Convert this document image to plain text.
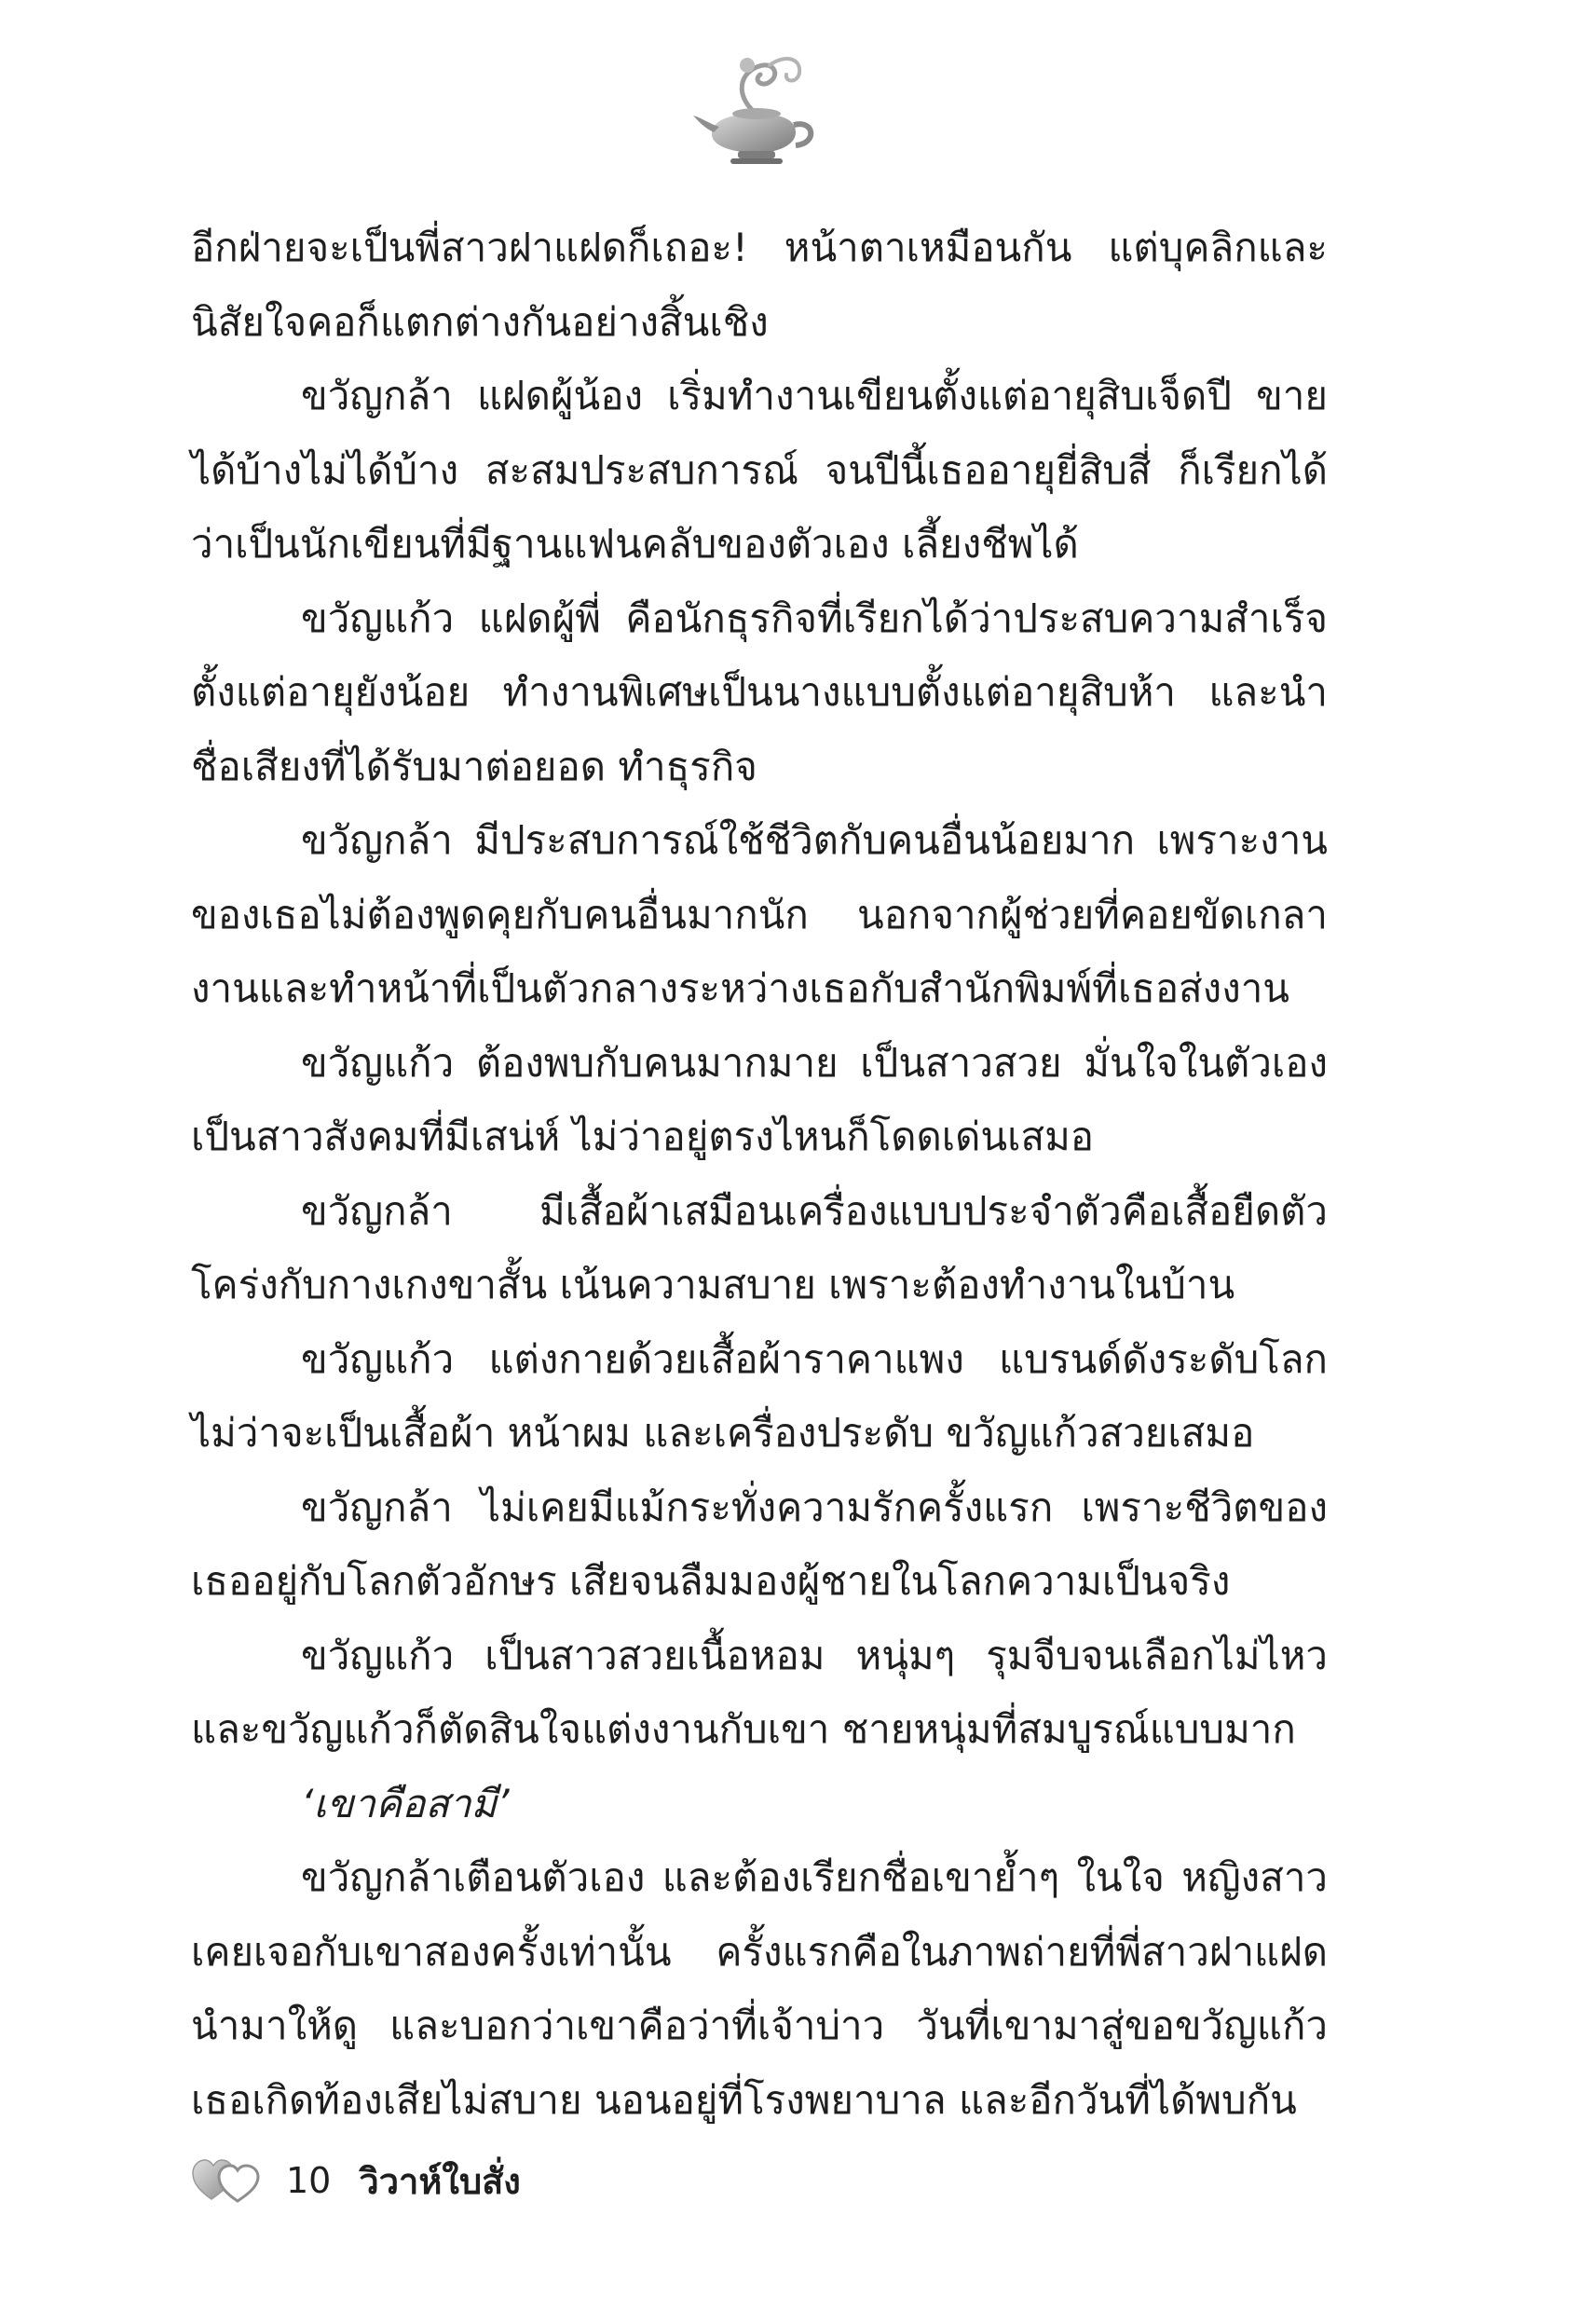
อีกฝ่ายจะเป็นพี่สาวฝาแฝดก็เถอะ! หน้าตาเหมือนกัน แต่บุคลิกและนิสัยใจคอก็แตกต่างกันอย่างสิ้นเชิง

ขวัญกล้า แฝดผู้น้อง เริ่มทำงานเขียนตั้งแต่อายุสิบเจ็ดปี ขายได้บ้างไม่ได้บ้าง สะสมประสบการณ์ จนปีนี้เธออายุยี่สิบสี่ ก็เรียกได้ว่าเป็นนักเขียนที่มีฐานแฟนคลับของตัวเอง เลี้ยงชีพได้

ขวัญแก้ว แฝดผู้พี่ คือนักธุรกิจที่เรียกได้ว่าประสบความสำเร็จตั้งแต่อายุยังน้อย ทำงานพิเศษเป็นนางแบบตั้งแต่อายุสิบห้า และนำชื่อเสียงที่ได้รับมาต่อยอด ทำธุรกิจ

ขวัญกล้า มีประสบการณ์ใช้ชีวิตกับคนอื่นน้อยมาก เพราะงานของเธอไม่ต้องพูดคุยกับคนอื่นมากนัก นอกจากผู้ช่วยที่คอยขัดเกลางานและทำหน้าที่เป็นตัวกลางระหว่างเธอกับสำนักพิมพ์ที่เธอส่งงาน

ขวัญแก้ว ต้องพบกับคนมากมาย เป็นสาวสวย มั่นใจในตัวเองเป็นสาวสังคมที่มีเสน่ห์ ไม่ว่าอยู่ตรงไหนก็โดดเด่นเสมอ

ขวัญกล้า มีเสื้อผ้าเสมือนเครื่องแบบประจำตัวคือเสื้อยืดตัวโคร่งกับกางเกงขาสั้น เน้นความสบาย เพราะต้องทำงานในบ้าน

ขวัญแก้ว แต่งกายด้วยเสื้อผ้าราคาแพง แบรนด์ดังระดับโลกไม่ว่าจะเป็นเสื้อผ้า หน้าผม และเครื่องประดับ ขวัญแก้วสวยเสมอ

ขวัญกล้า ไม่เคยมีแม้กระทั่งความรักครั้งแรก เพราะชีวิตของเธออยู่กับโลกตัวอักษร เสียจนลืมมองผู้ชายในโลกความเป็นจริง

ขวัญแก้ว เป็นสาวสวยเนื้อหอม หนุ่มๆ รุมจีบจนเลือกไม่ไหวและขวัญแก้วก็ตัดสินใจแต่งงานกับเขา ชายหนุ่มที่สมบูรณ์แบบมาก

‘เขาคือสามี’

ขวัญกล้าเตือนตัวเอง และต้องเรียกชื่อเขาย้ำๆ ในใจ หญิงสาวเคยเจอกับเขาสองครั้งเท่านั้น ครั้งแรกคือในภาพถ่ายที่พี่สาวฝาแฝดนำมาให้ดู และบอกว่าเขาคือว่าที่เจ้าบ่าว วันที่เขามาสู่ขอขวัญแก้วเธอเกิดท้องเสียไม่สบาย นอนอยู่ที่โรงพยาบาล และอีกวันที่ได้พบกัน

10 วิวาห์ใบสั่ง
